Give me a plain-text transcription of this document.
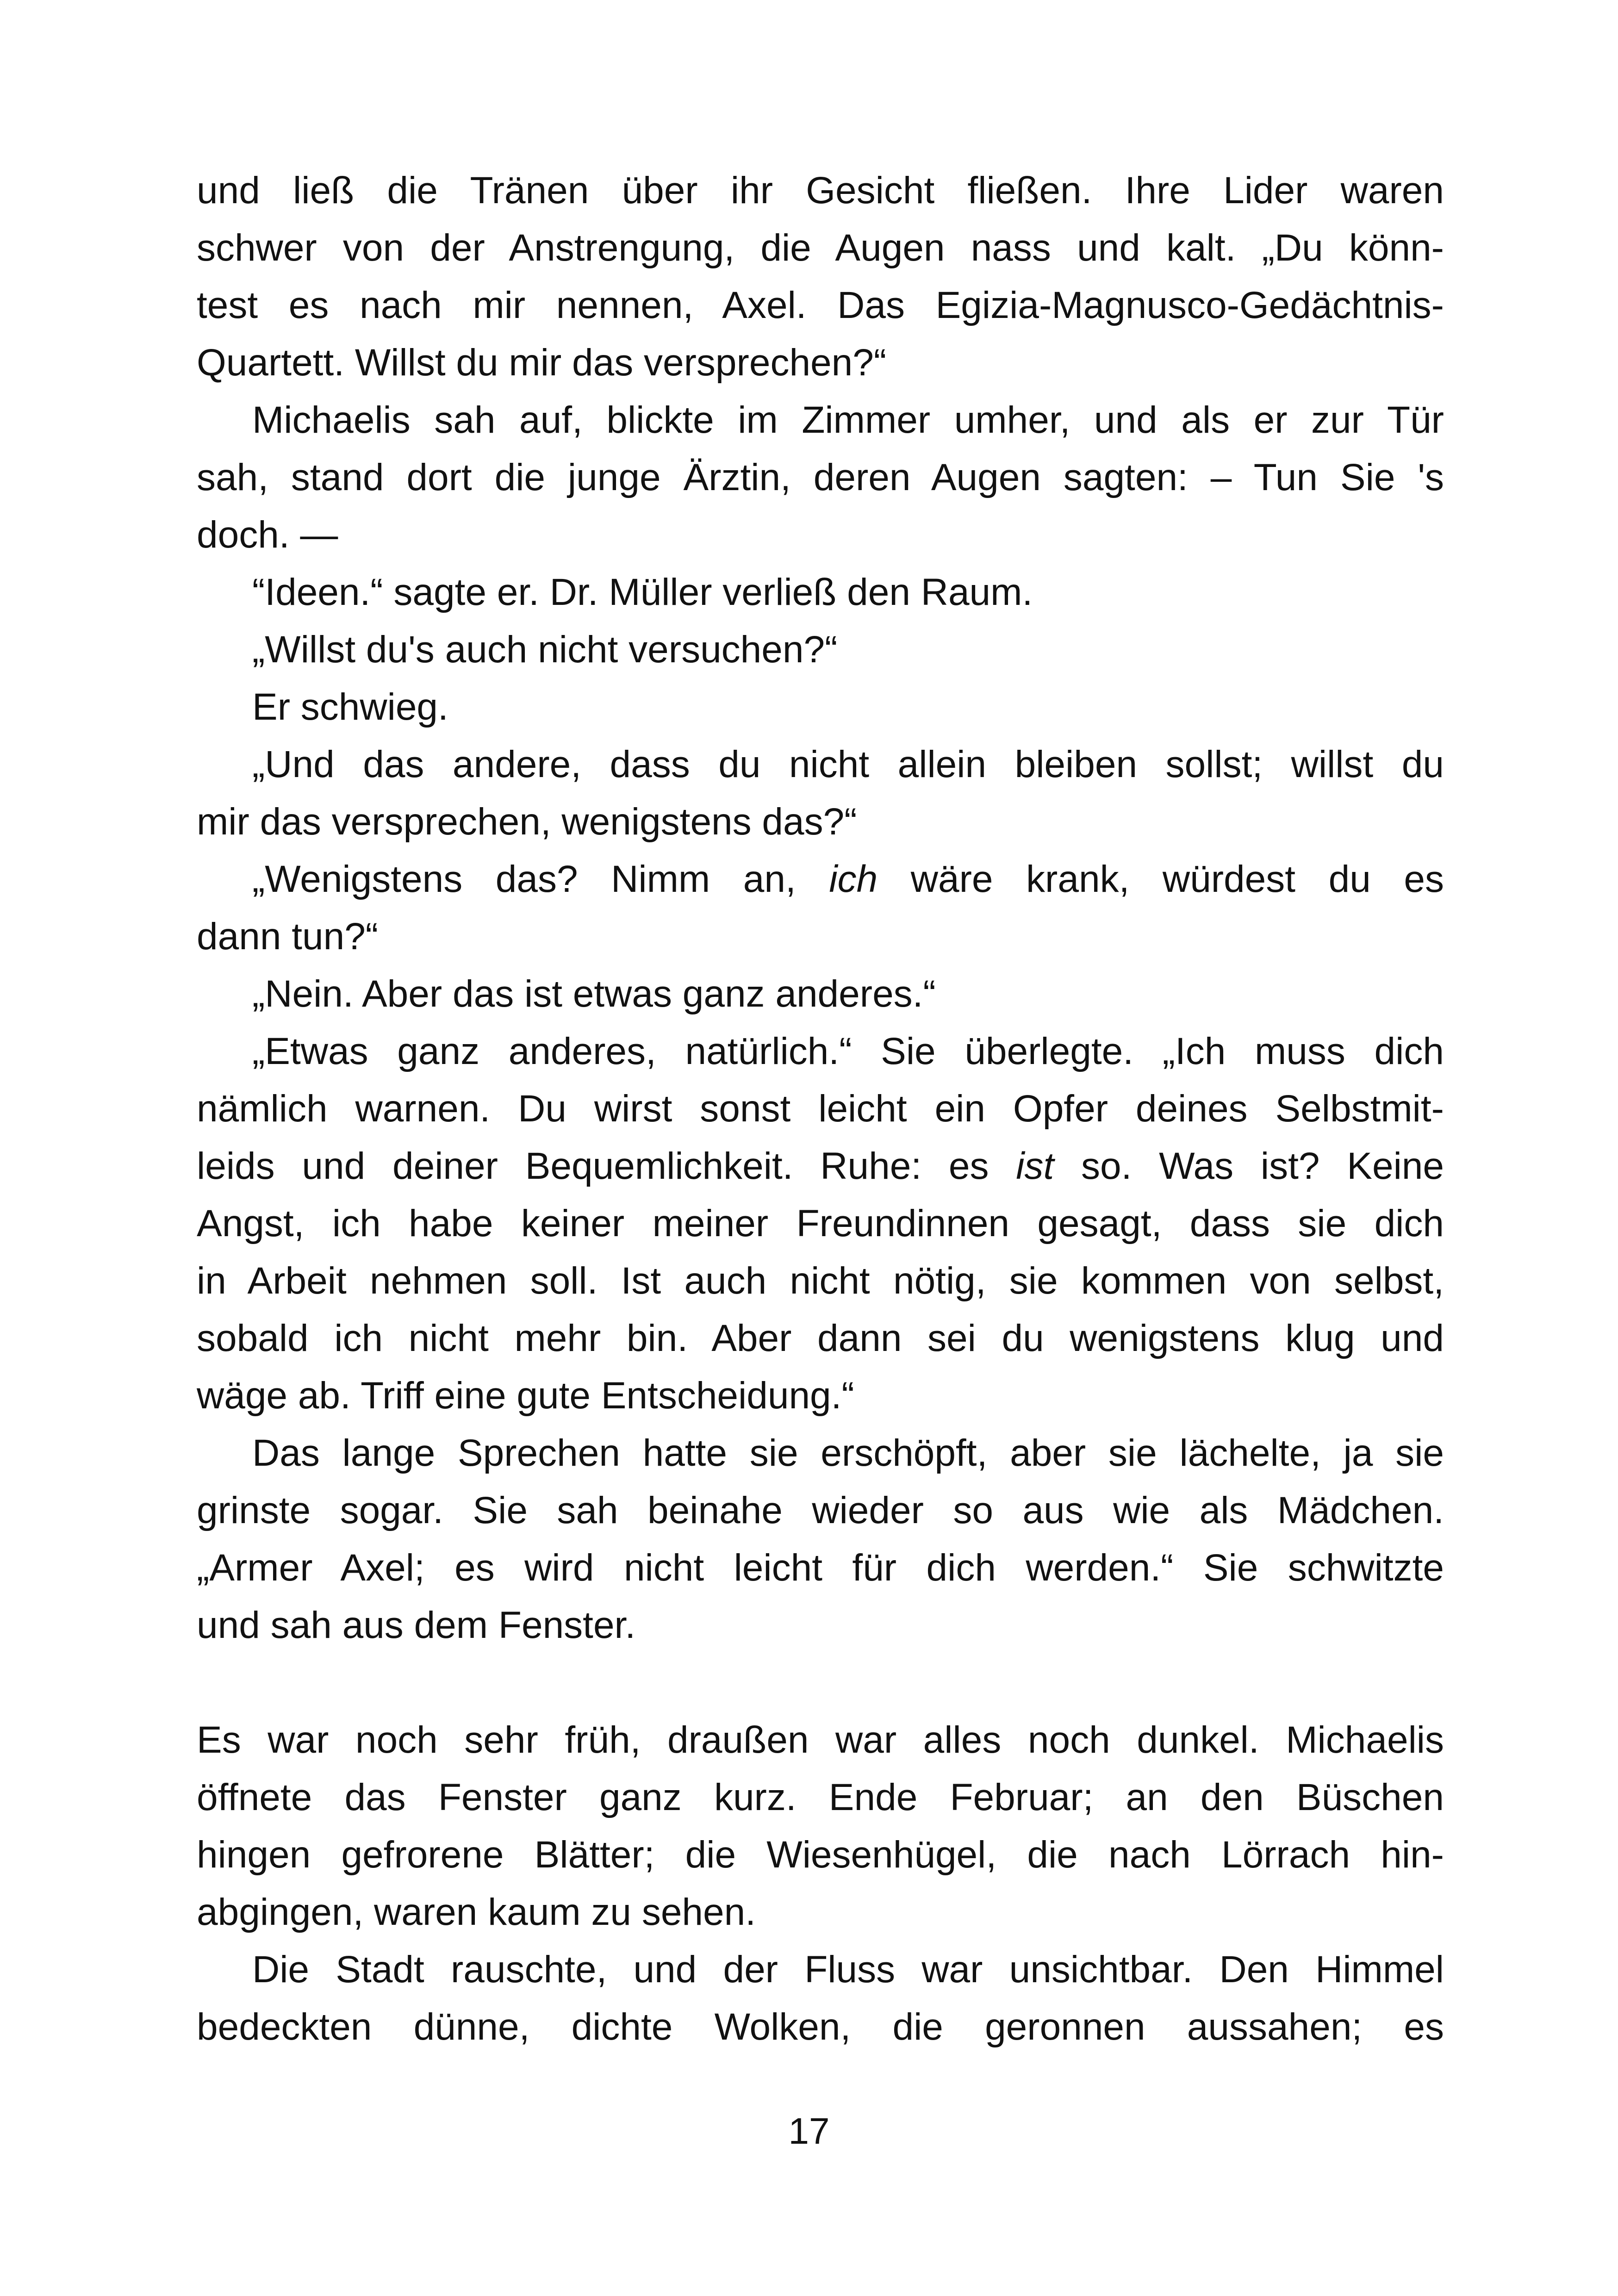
und ließ die Tränen über ihr Gesicht fließen. Ihre Lider waren
schwer von der Anstrengung, die Augen nass und kalt. „Du könn-
test es nach mir nennen, Axel. Das Egizia-Magnusco-Gedächtnis-
Quartett. Willst du mir das versprechen?“
Michaelis sah auf, blickte im Zimmer umher, und als er zur Tür
sah, stand dort die junge Ärztin, deren Augen sagten: – Tun Sie 's
doch. —
“Ideen.“ sagte er. Dr. Müller verließ den Raum.
„Willst du's auch nicht versuchen?“
Er schwieg.
„Und das andere, dass du nicht allein bleiben sollst; willst du
mir das versprechen, wenigstens das?“
„Wenigstens das? Nimm an, ich wäre krank, würdest du es
dann tun?“
„Nein. Aber das ist etwas ganz anderes.“
„Etwas ganz anderes, natürlich.“ Sie überlegte. „Ich muss dich
nämlich warnen. Du wirst sonst leicht ein Opfer deines Selbstmit-
leids und deiner Bequemlichkeit. Ruhe: es ist so. Was ist? Keine
Angst, ich habe keiner meiner Freundinnen gesagt, dass sie dich
in Arbeit nehmen soll. Ist auch nicht nötig, sie kommen von selbst,
sobald ich nicht mehr bin. Aber dann sei du wenigstens klug und
wäge ab. Triff eine gute Entscheidung.“
Das lange Sprechen hatte sie erschöpft, aber sie lächelte, ja sie
grinste sogar. Sie sah beinahe wieder so aus wie als Mädchen.
„Armer Axel; es wird nicht leicht für dich werden.“ Sie schwitzte
und sah aus dem Fenster.
Es war noch sehr früh, draußen war alles noch dunkel. Michaelis
öffnete das Fenster ganz kurz. Ende Februar; an den Büschen
hingen gefrorene Blätter; die Wiesenhügel, die nach Lörrach hin-
abgingen, waren kaum zu sehen.
Die Stadt rauschte, und der Fluss war unsichtbar. Den Himmel
bedeckten dünne, dichte Wolken, die geronnen aussahen; es
17
